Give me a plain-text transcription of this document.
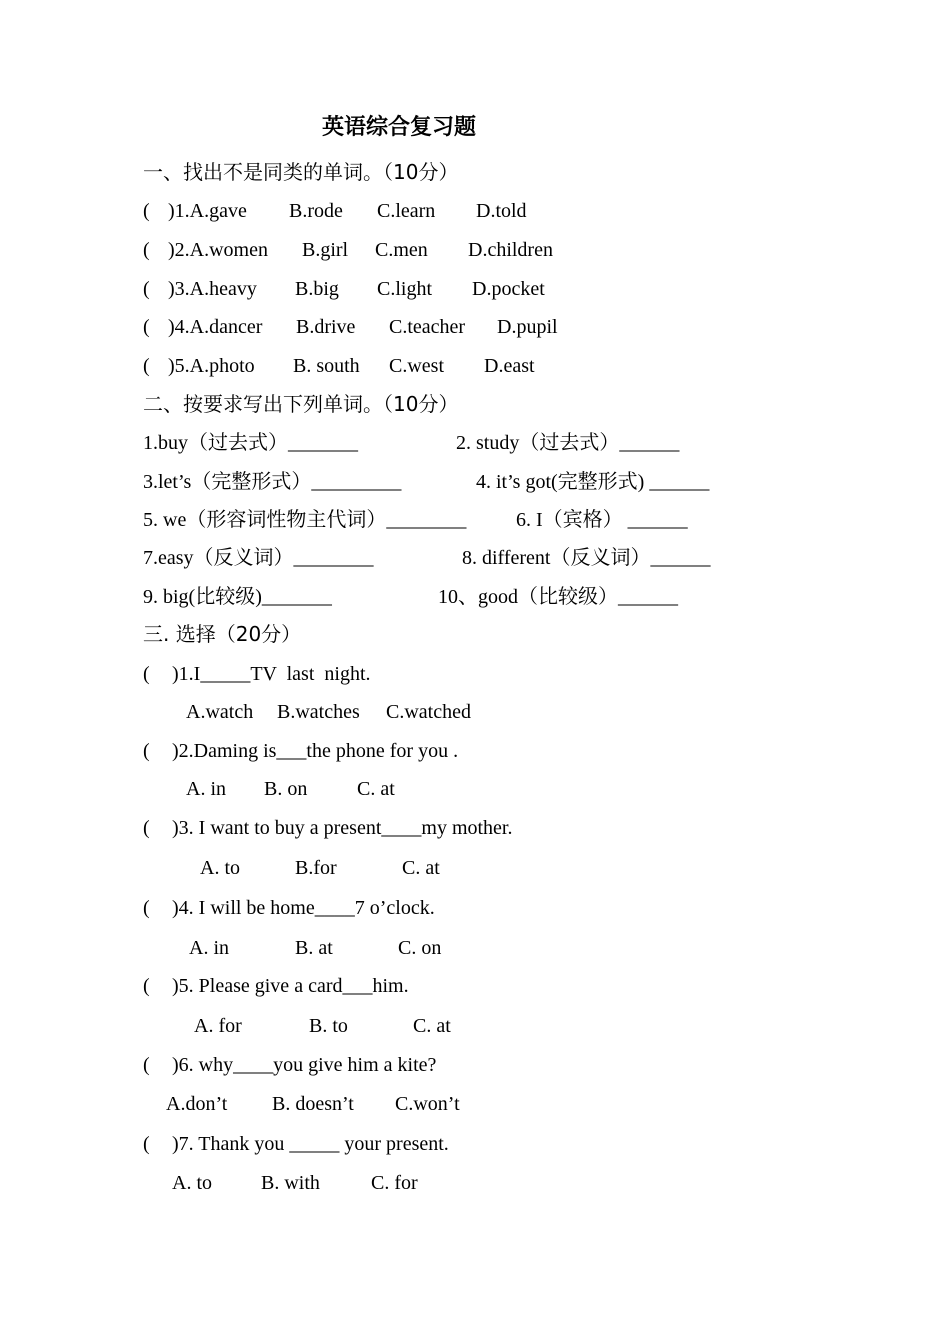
英语综合复习题
一、找出不是同类的单词。（10分）
( )1.A.gave B.rode C.learn D.told
( )2.A.women B.girl C.men D.children
( )3.A.heavy B.big C.light D.pocket
( )4.A.dancer B.drive C.teacher D.pupil
( )5.A.photo B. south C.west D.east
二、按要求写出下列单词。（10分）
1.buy（过去式）_______	2. study（过去式）______
3.let’s（完整形式）_________	4. it’s got(完整形式) ______
5. we（形容词性物主代词）________ 6. I（宾格） ______
7.easy（反义词）________	8. different（反义词）______
9. big(比较级)_______	10、good（比较级）______
三. 选择（20分）
( )1.I_____TV  last  night.
A.watch B.watches C.watched
( )2.Daming is___the phone for you .
A. in B. on C. at
( )3. I want to buy a present____my mother.
A. to	B.for	C. at
( )4. I will be home____7 o’clock.
A. in	B. at	C. on
( )5. Please give a card___him.
A. for	B. to	C. at
( )6. why____you give him a kite?
A.don’t B. doesn’t C.won’t
( )7. Thank you _____ your present.
A. to B. with	C. for
